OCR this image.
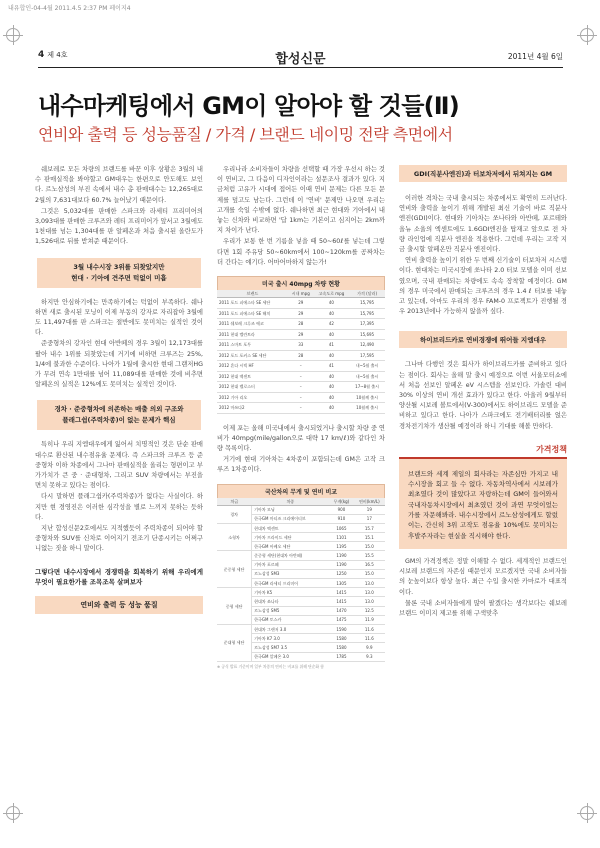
내유합인-04-4월 2011.4.5 2:37 PM 페이지4
4 제 4호	합성신문	2011년 4월 6일
내수마케팅에서 GM이 알아야 할 것들(Ⅱ)
연비와 출력 등 성능품질 / 가격 / 브랜드 네이밍 전략 측면에서

쉐보레로 모든 차량의 브랜드를 바꾼 이후 상황은 3월의 내수 판매실적을 봐야할고 GM대우는 한편으로 안도해도 보인다. 르노삼성의 부진 속에서 내수 총 판매대수는 12,265대로 2월의 7,631대보다 60.7% 늘어났기 때문이다.

그것은 5,032대를 판매한 스파크와 라세티 프리미어의 3,093대를 판매한 크루즈와 레티 프리미어가 앞서고 3월에도 1천대를 넘는 1,304대를 판 알페온과 처음 출시된 올란도가 1,526대로 뒤를 받쳐준 때문이다.

3월 내수시장 3위를 되찾았지만
현대 · 기아에 견주면 턱없이 미흡

하지만 안심하기에는 만족하기에는 턱없이 부족하다. 쉐나하면 새로 출시된 모닝이 이제 부동의 강자로 자리잡아 3월에도 11,497대를 판 스파크는 절반에도 못미치는 실적인 것이다.

준중형차의 강자인 현대 아반떼의 경우 3월이 12,173대를 팔아 내수 1위를 되찾았는데 거기에 비하면 크루즈는 25%, 1/4에 불과한 수준이다. 나아가 1월에 출시한 현대 그랜저HG가 무려 연속 1만대를 넘어 11,089대를 판매한 것에 비추면 알페온의 실적은 12%에도 못미치는 실적인 것이다.

경차 · 준중형차에 의존하는 매출 의외 구조와
플래그쉽(주력차종)이 없는 문제가 핵심

특히나 우리 지엠대우에게 잃어서 치명적인 것은 단순 판매대수로 환산된 내수점유율 문제다. 즉 스파크와 크루즈 등 준중형차 이하 차종에서 그나마 판매실적을 올리는 형편이고 부가가치가 큰 중 · 준대형차, 그리고 SUV 차량에서는 부진을 면치 못하고 있다는 점이다.

다시 말하면 플래그쉽카(주력차종)가 없다는 사실이다. 하지만 현 경영진은 이러한 심각성을 별로 느끼지 못하는 듯하다.

지난 합성신문2호에서도 지적했듯이 주력차종이 되어야 할 중형차와 SUV를 신차로 이어지기 전조기 단종시키는 어쩌구니없는 짓을 하니 말이다.

그렇다면 내수시장에서 경쟁력을 회복하기 위해 우리에게 무엇이 필요한가를 조목조목 살펴보자
연비와 출력 등 성능 품질

우리나라 소비자들이 차량을 선택할 때 가장 우선시 하는 것이 연비고, 그 다음이 디자인이라는 설문조사 결과가 있다. 지금처럼 고유가 시대에 접어든 이때 연비 문제는 다른 모든 문제를 덮고도 남는다. 그런데 이 '연비' 문제만 나오면 우리는 고개를 숙일 수밖에 없다. 쉐나하면 최근 현대와 기아에서 내놓는 신차와 비교하면 '답 1km는 기본이고 심지어는 2km까지 차이가 난다.

우리가 보통 한 번 기름을 넣을 때 50~60ℓ를 넣는데 그렇다면 1회 주유당 50~60km에서 100~120km를 공짜차는 더 간다는 얘기다. 어마어마하지 않는가!

미국 출시 40mpg 차량 현황
브랜드	시내 mpg	고속도로 mpg	가격 (달러)
2011 포드 피에스타 SE 세단	29	40	15,795
2011 포드 피에스타 SE 해치	29	40	15,795
2011 쉐보레 크루즈 에코	28	42	17,395
2011 현대 엘란트라	29	40	15,695
2011 스마트 포투	33	41	12,490
2012 포드 포커스 SE 세단	28	40	17,595
2012 혼다 시빅 HF	–	41	내~5월 출시
2012 현대 액센트	–	40	내~5월 출시
2012 현대 벨로스터	–	40	17~8월 출시
2012 기아 리오	–	40	10월께 출시
2012 마쓰다2	–	40	10월께 출시

이제 포는 올해 미국내에서 출시되었거나 출시할 차량 중 연비가 40mpg(mile/gallon으로 대략 17 km/ℓ)와 같다인 차량 목록이다.

거기에 현대 기아차는 4차종이 포함되는데 GM은 고작 크루즈 1차종이다.

국산차의 무게 및 연비 비교
차급	차종	무게(kg)	연비(km/L)
경차	기아차 모닝	900	19
	한국GM 마티즈 크리에이티브	910	17
소형차	현대차 엑센트	1065	15.7
	기아차 프라이드 세단	1101	15.1
	한국GM 아베오 세단	1195	15.0
준중형 세단	준중형 세단(현대차 아반떼)	1190	15.5
	기아차 포르떼	1190	16.5
	르노삼성 SM3	1250	15.0
	한국GM 라세티 프리미어	1305	13.0
중형 세단	기아차 K5	1415	13.0
	현대차 쏘나타	1415	13.0
	르노삼성 SM5	1470	12.5
	한국GM 토스카	1475	11.9
준대형 세단	현대차 그랜저 3.0	1590	11.6
	기아차 K7 3.0	1580	11.6
	르노삼성 SM7 3.5	1580	9.9
	한국GM 알페온 3.0	1785	9.3
※ 공식 발표 기준이며 일부 차종의 연비는 비교를 위해 단순화 함
GDI(직분사엔진)과 터보차저에서 뒤쳐지는 GM

이러한 격차는 국내 출시되는 차종에서도 확연히 드러난다. 연비와 출력을 높이기 위해 개발된 최신 기술이 바로 직분사 엔진(GDI)이다. 현대와 기아차는 쏘나타와 아반떼, 포르테와 올뉴 소울의 엑센트에도 1.6GDI엔진을 탑재고 앞으로 전 차량 라인업에 직분사 엔진을 적용한다. 그런데 우리는 고작 지금 출시할 알페온만 직분사 엔진이다.

연비 출력을 높이기 위한 두 번째 신기술이 터보차저 시스템이다. 현대차는 미국시장에 쏘나타 2.0 터보 모델을 이미 선보였으며, 국내 판매되는 차량에도 속속 장착할 예정이다. GM의 경우 미국에서 판매되는 크루즈의 경우 1.4 ℓ 터보를 내놓고 있는데, 아마도 우리의 경우 FAM-0 프로젝트가 진행될 경우 2013년에나 가능하지 않을까 싶다.

하이브리드카로 연비경쟁에 뛰어들 지엠대우

그나마 다행인 것은 회사가 하이브리드카를 준비하고 있다는 점이다. 회사는 올해 말 출시 예정으로 이번 서울모터쇼에서 처음 선보인 알페온 eV 시스템을 선보인다. 가솔린 대비 30% 이상의 연비 개선 효과가 있다고 한다. 아울러 9월부터 양산될 시보레 볼트에서(V-300)에서도 하이브리드 모델을 준비하고 있다고 한다. 나아가 스파크에도 전기배터리를 얹은 경차전기차가 생산될 예정이라 하니 기대를 해볼 만하다.

가격정책
브랜드와 세계 제일의 회사라는 자존심만 가지고 내수시장을 회고 들 수 없다. 자동차역사에서 시보레가 최초였다 것이 많았다고 자랑하는데 GM이 들어와서 국내자동차시장에서 최초였던 것이 과연 무엇이었는가를 자문해봐라. 내수시장에서 르노삼성에게도 할렀이는, 간신히 3위 고작도 점유율 10%에도 못미치는 후발주자라는 현실을 직시해야 한다.

GM의 가격정책은 정말 이해할 수 없다. 세계적인 브랜드인 시보레 브랜드의 자존심 때문인지 모르겠지만 국내 소비자들의 눈높이보다 항상 높다. 최근 수입 출시한 카마로가 대표적이다.

물론 국내 소비자들에게 많이 팔겠다는 생각보다는 쉐보레 브랜드 이미지 제고를 위해 구색맞추
